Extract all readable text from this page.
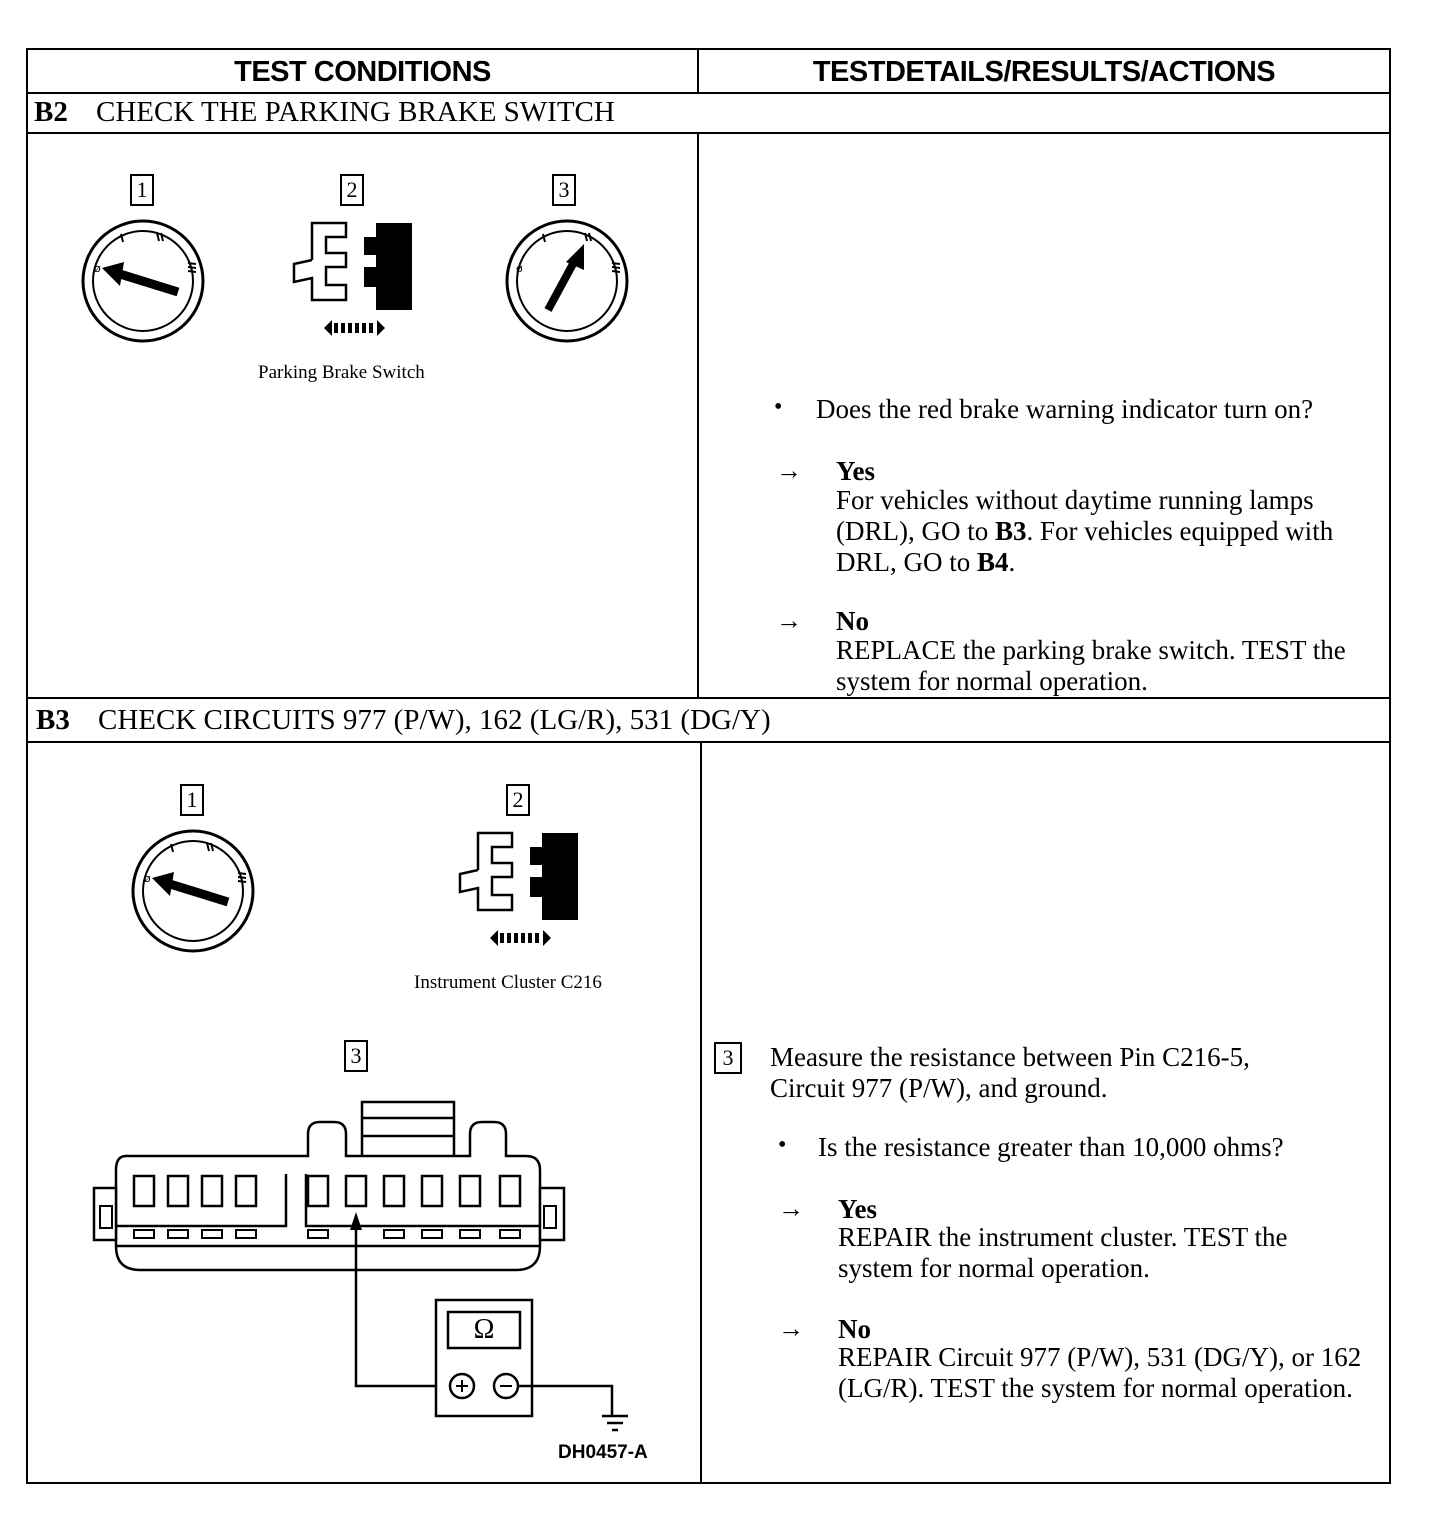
TEST CONDITIONS	TESTDETAILS/RESULTS/ACTIONS
B2 CHECK THE PARKING BRAKE SWITCH
1	2	3
ø	ø
Parking Brake Switch
• Does the red brake warning indicator turn on?
→ Yes
For vehicles without daytime running lamps (DRL), GO to B3. For vehicles equipped with DRL, GO to B4.
→ No
REPLACE the parking brake switch. TEST the system for normal operation.
B3 CHECK CIRCUITS 977 (P/W), 162 (LG/R), 531 (DG/Y)
1	2
3
ø
Instrument Cluster C216
Ω
DH0457-A
3	Measure the resistance between Pin C216-5, Circuit 977 (P/W), and ground.
• Is the resistance greater than 10,000 ohms?
→ Yes
REPAIR the instrument cluster. TEST the system for normal operation.
→ No
REPAIR Circuit 977 (P/W), 531 (DG/Y), or 162 (LG/R). TEST the system for normal operation.
